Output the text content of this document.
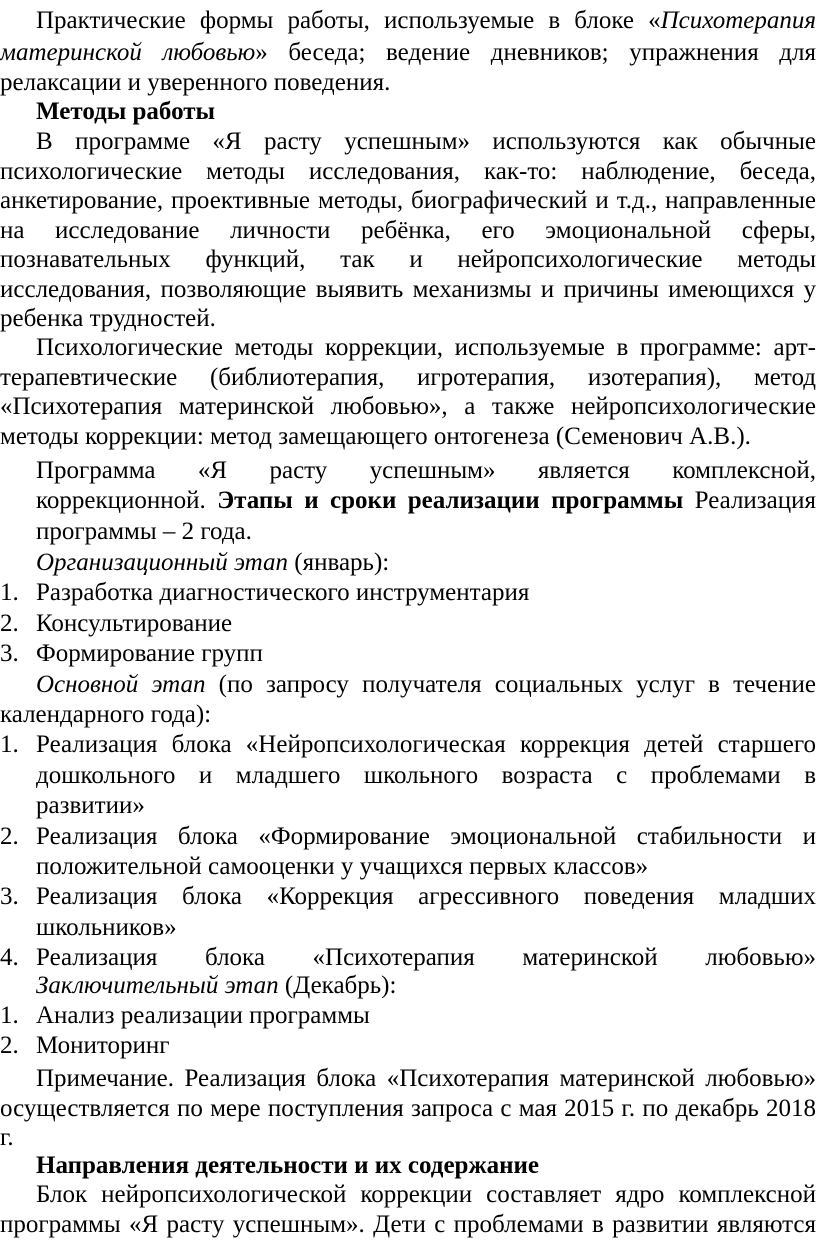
Практические формы работы, используемые в блоке «Психотерапия
материнской любовью» беседа; ведение дневников; упражнения для
релаксации и уверенного поведения.
Методы работы
В программе «Я расту успешным» используются как обычные
психологические методы исследования, как-то: наблюдение, беседа,
анкетирование, проективные методы, биографический и т.д., направленные
на исследование личности ребёнка, его эмоциональной сферы,
познавательных функций, так и нейропсихологические методы
исследования, позволяющие выявить механизмы и причины имеющихся у
ребенка трудностей.
Психологические методы коррекции, используемые в программе: арт-
терапевтические (библиотерапия, игротерапия, изотерапия), метод
«Психотерапия материнской любовью», а также нейропсихологические
методы коррекции: метод замещающего онтогенеза (Семенович А.В.).
Программа «Я расту успешным» является комплексной,
коррекционной. Этапы и сроки реализации программы Реализация
программы – 2 года.
Организационный этап (январь):
1. Разработка диагностического инструментария
2. Консультирование
3. Формирование групп
Основной этап (по запросу получателя социальных услуг в течение
календарного года):
1. Реализация блока «Нейропсихологическая коррекция детей старшего
дошкольного и младшего школьного возраста с проблемами в
развитии»
2. Реализация блока «Формирование эмоциональной стабильности и
положительной самооценки у учащихся первых классов»
3. Реализация блока «Коррекция агрессивного поведения младших
школьников»
4. Реализация блока «Психотерапия материнской любовью»
Заключительный этап (Декабрь):
1. Анализ реализации программы
2. Мониторинг
Примечание. Реализация блока «Психотерапия материнской любовью»
осуществляется по мере поступления запроса с мая 2015 г. по декабрь 2018
г.
Направления деятельности и их содержание
Блок нейропсихологической коррекции составляет ядро комплексной
программы «Я расту успешным». Дети с проблемами в развитии являются
